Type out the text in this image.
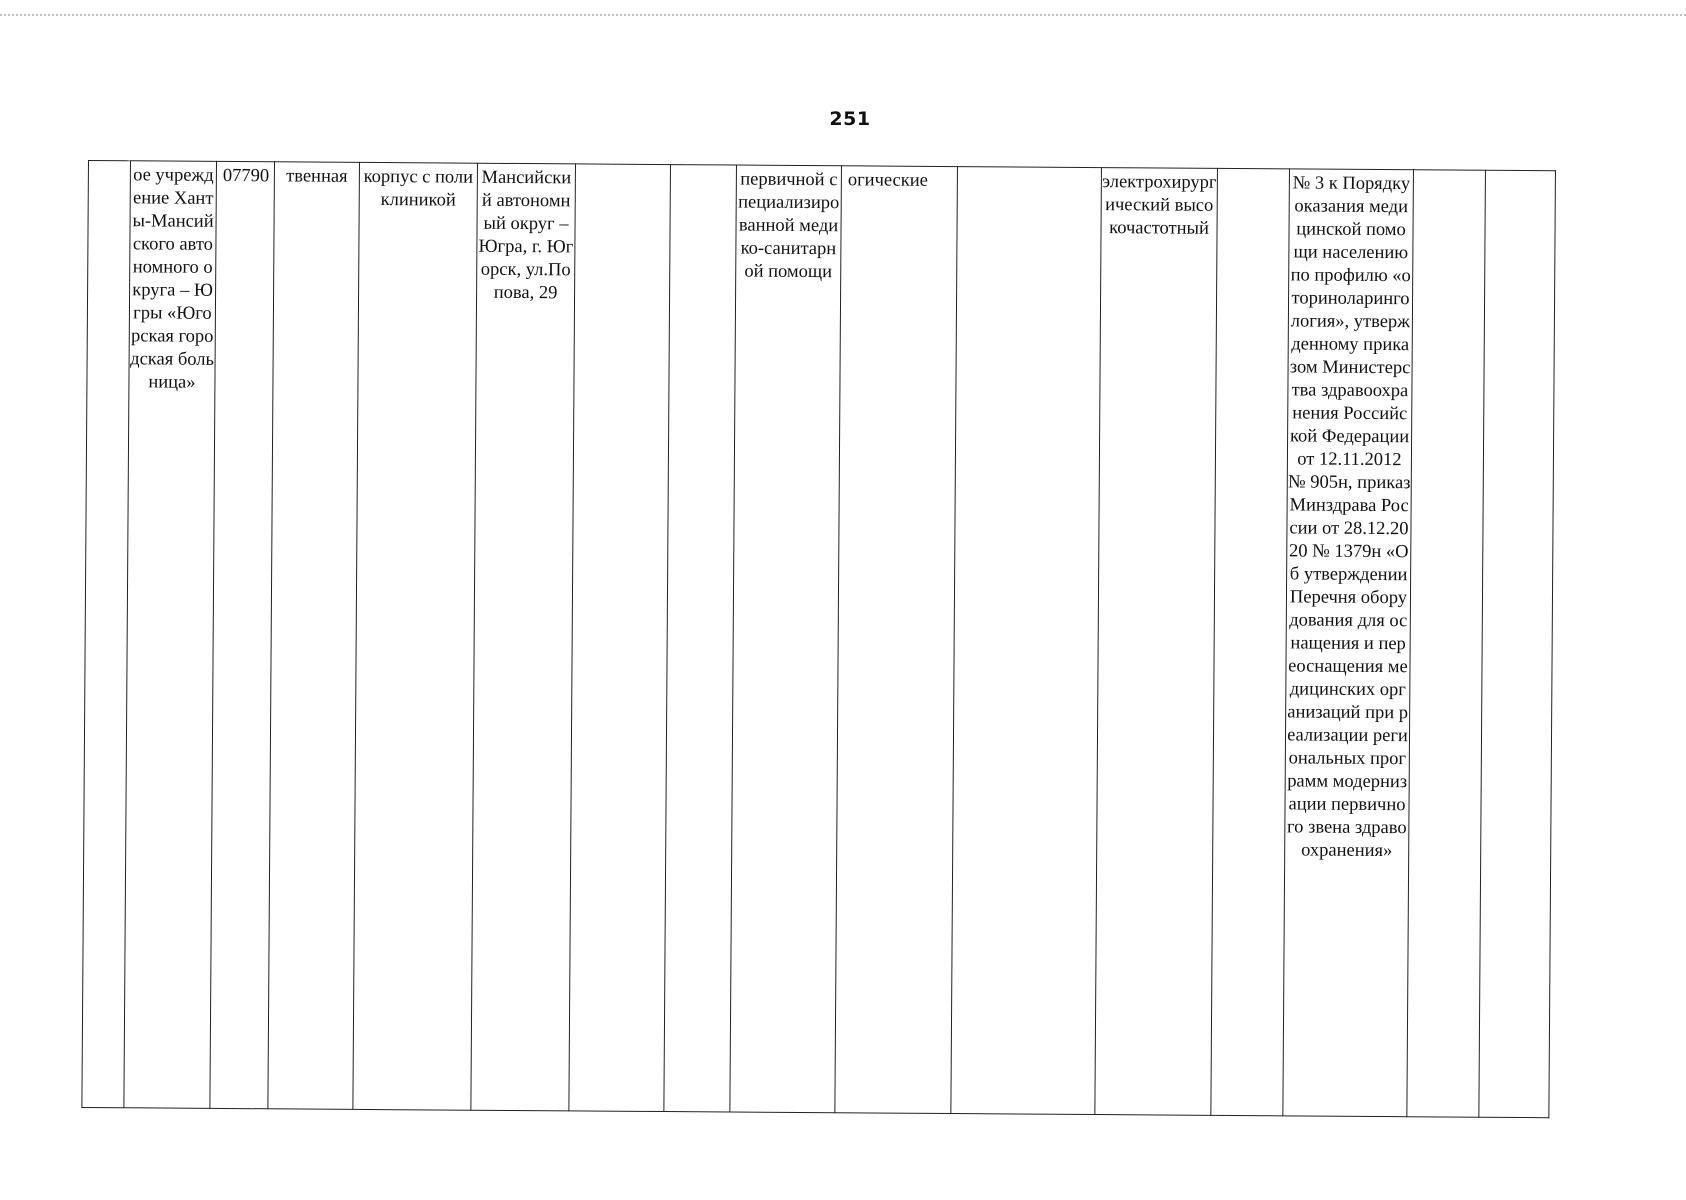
251
	ое учреждение Ханты-Мансийского автономного округа – Югры «Югорская городская больница»	07790	твенная	корпус с поликлиникой	Мансийский автономный округ – Югра, г. Югорск, ул.Попова, 29			первичной специализированной медико-санитарной помощи	огические		электрохирургический высокочастотный		№ 3 к Порядку оказания медицинской помощи населению по профилю «оториноларингология», утвержденному приказом Министерства здравоохранения Российской Федерации от 12.11.2012 № 905н, приказ Минздрава России от 28.12.2020 № 1379н «Об утверждении Перечня оборудования для оснащения и переоснащения медицинских организаций при реализации региональных программ модернизации первичного звена здравоохранения»		
